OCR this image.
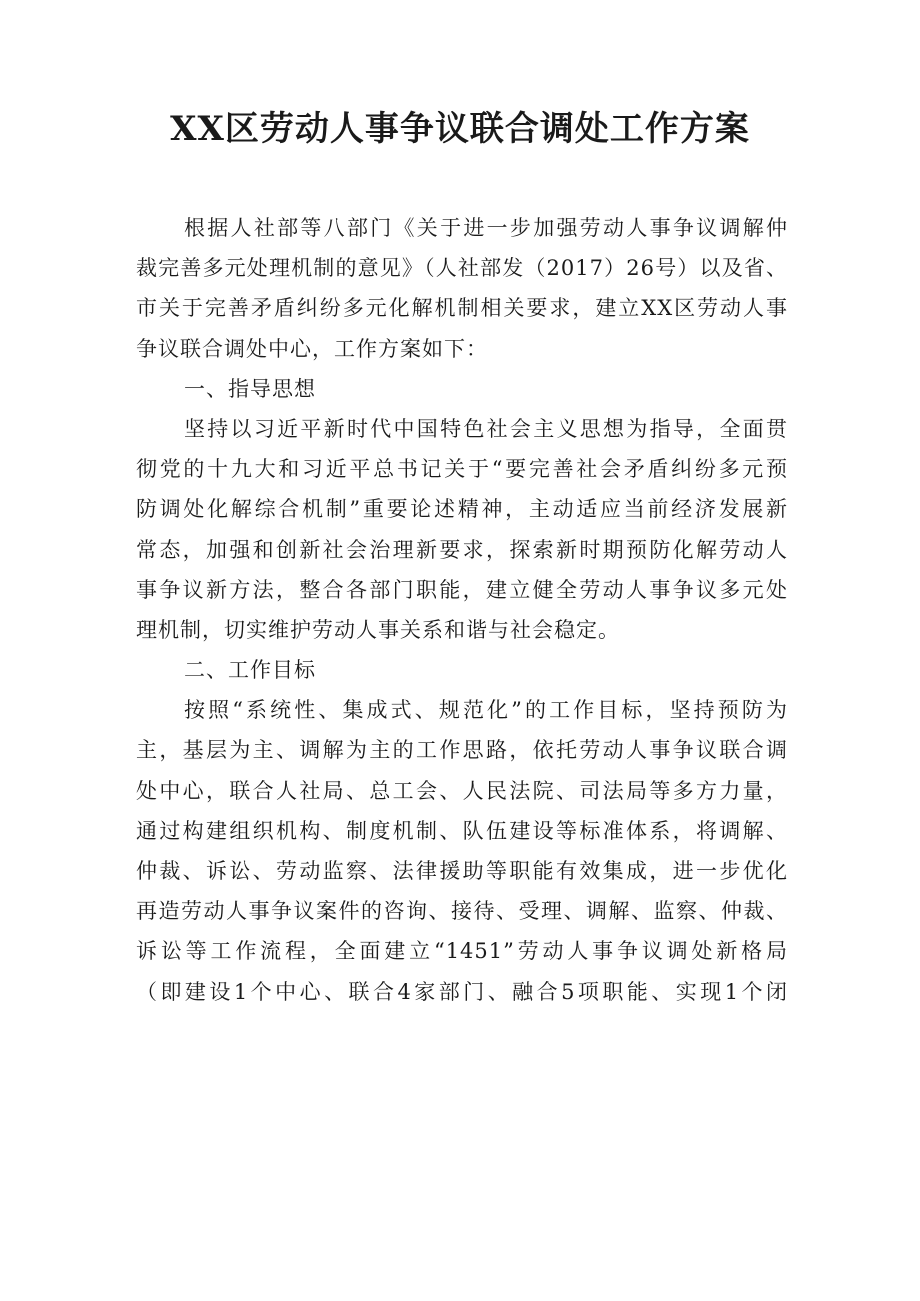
XX区劳动人事争议联合调处工作方案
根据人社部等八部门《关于进一步加强劳动人事争议调解仲
裁完善多元处理机制的意见》（人社部发（2017）26号）以及省、
市关于完善矛盾纠纷多元化解机制相关要求，建立XX区劳动人事
争议联合调处中心，工作方案如下：
一、指导思想
坚持以习近平新时代中国特色社会主义思想为指导，全面贯
彻党的十九大和习近平总书记关于“要完善社会矛盾纠纷多元预
防调处化解综合机制”重要论述精神，主动适应当前经济发展新
常态，加强和创新社会治理新要求，探索新时期预防化解劳动人
事争议新方法，整合各部门职能，建立健全劳动人事争议多元处
理机制，切实维护劳动人事关系和谐与社会稳定。
二、工作目标
按照“系统性、集成式、规范化”的工作目标，坚持预防为
主，基层为主、调解为主的工作思路，依托劳动人事争议联合调
处中心，联合人社局、总工会、人民法院、司法局等多方力量，
通过构建组织机构、制度机制、队伍建设等标准体系，将调解、
仲裁、诉讼、劳动监察、法律援助等职能有效集成，进一步优化
再造劳动人事争议案件的咨询、接待、受理、调解、监察、仲裁、
诉讼等工作流程，全面建立“1451”劳动人事争议调处新格局
（即建设1个中心、联合4家部门、融合5项职能、实现1个闭
